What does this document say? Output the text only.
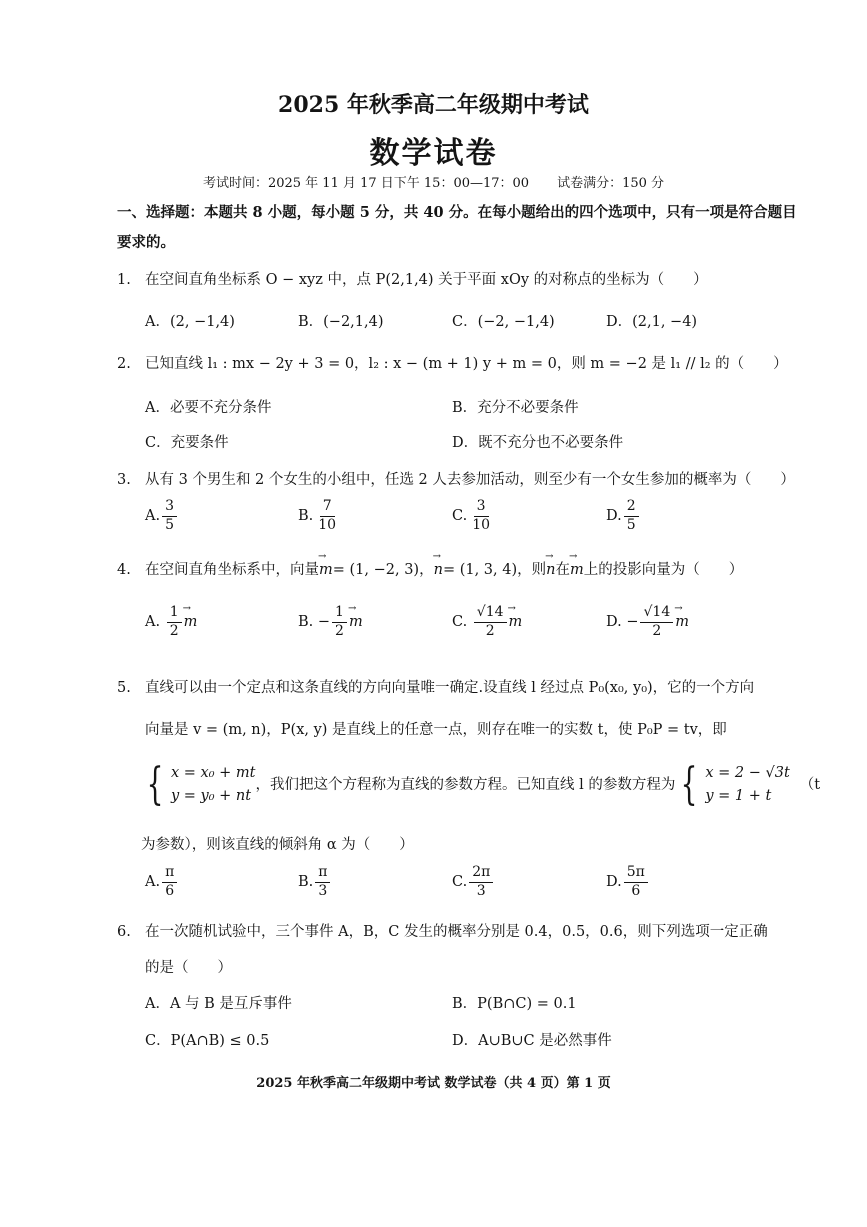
2025 年秋季高二年级期中考试
数学试卷
考试时间：2025 年 11 月 17 日下午 15：00—17：00 试卷满分：150 分
一、选择题：本题共 8 小题，每小题 5 分，共 40 分。在每小题给出的四个选项中，只有一项是符合题目要求的。
1. 在空间直角坐标系 O − xyz 中，点 P(2,1,4) 关于平面 xOy 的对称点的坐标为（　　）
A．(2, −1,4)	B．(−2,1,4)	C．(−2, −1,4)	D．(2,1, −4)
2. 已知直线 l₁ : mx − 2y + 3 = 0，l₂ : x − (m + 1) y + m = 0，则 m = −2 是 l₁ // l₂ 的（　　）
A．必要不充分条件	B．充分不必要条件
C．充要条件	D．既不充分也不必要条件
3. 从有 3 个男生和 2 个女生的小组中，任选 2 人去参加活动，则至少有一个女生参加的概率为（　　）
A. $\frac{3}{5}$	B. $\frac{7}{10}$	C. $\frac{3}{10}$	D. $\frac{2}{5}$
4. 在空间直角坐标系中，向量→ m= (1, −2, 3)，→ n= (1, 3, 4)，则→ n在→ m上的投影向量为（　　）
A. $\frac{1}{2}$
→ m	B. − $\frac{1}{2}$
→ m	C. $\frac{√14}{2}$
→ m	D. − $\frac{√14}{2}$
→ m
5. 直线可以由一个定点和这条直线的方向向量唯一确定.设直线 l 经过点 P₀(x₀, y₀)，它的一个方向
向量是 v = (m, n)，P(x, y) 是直线上的任意一点，则存在唯一的实数 t，使 P₀P = tv，即
{ x = x₀ + mt
y = y₀ + nt
，我们把这个方程称为直线的参数方程。已知直线 l 的参数方程为 { x = 2 − √3t
y = 1 + t
（t
为参数），则该直线的倾斜角 α 为（　　）
A. $\frac{\pi}{6}$	B. $\frac{\pi}{3}$	C. $\frac{2\pi}{3}$	D. $\frac{5\pi}{6}$
6. 在一次随机试验中，三个事件 A，B，C 发生的概率分别是 0.4，0.5，0.6，则下列选项一定正确
的是（　　）
A．A 与 B 是互斥事件	B．P(B∩C) = 0.1
C．P(A∩B) ≤ 0.5	D．A∪B∪C 是必然事件
2025 年秋季高二年级期中考试 数学试卷（共 4 页）第 1 页
